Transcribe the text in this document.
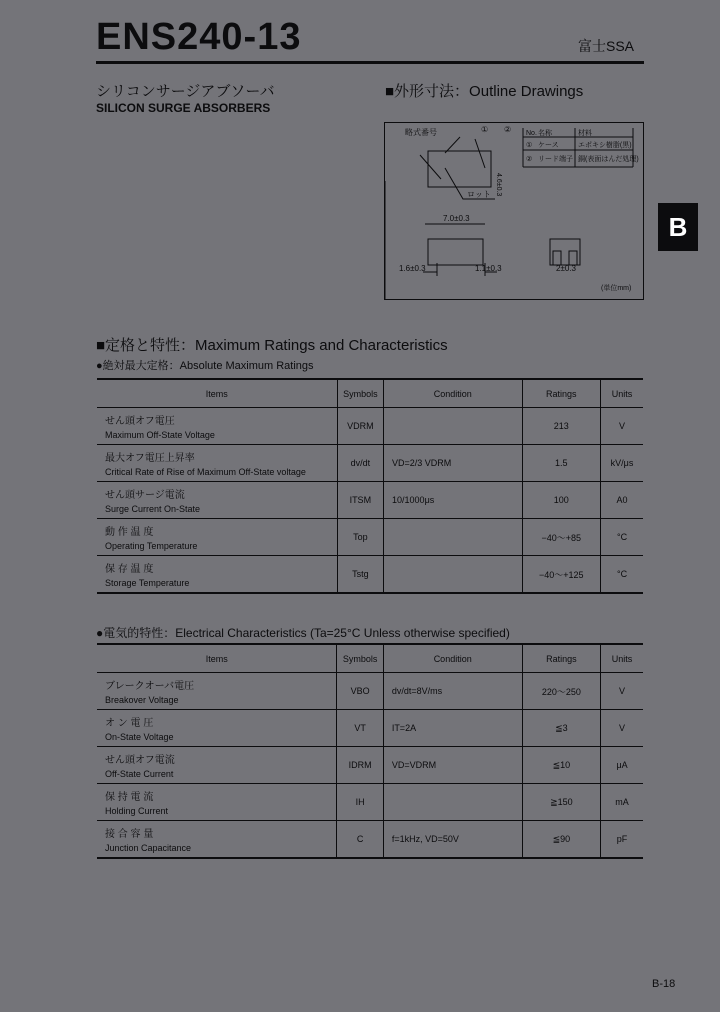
ENS240-13	富士SSA
シリコンサージアブソーバ
SILICON SURGE ABSORBERS
■外形寸法：Outline Drawings
B
略式番号	① ②
ロット 4.6±0.3
No. 名称	材料
① ケース	エポキシ樹脂(黒)
② リード端子 銅(表面はんだ処理)
7.0±0.3
1.6±0.3	1.1±0.3	2±0.3
(単位mm)
■定格と特性：Maximum Ratings and Characteristics
●絶対最大定格：Absolute Maximum Ratings
Items	Symbols	Condition	Ratings	Units

せん頭オフ電圧
Maximum Off-State Voltage	VDRM		213	V

最大オフ電圧上昇率
Critical Rate of Rise of Maximum Off-State voltage	dv/dt	VD=2/3 VDRM	1.5	kV/μs

せん頭サージ電流
Surge Current On-State	ITSM	10/1000μs	100	A0

動 作 温 度
Operating Temperature	Top		−40〜+85	°C

保 存 温 度
Storage Temperature	Tstg		−40〜+125	°C
●電気的特性：Electrical Characteristics (Ta=25°C Unless otherwise specified)
Items	Symbols	Condition	Ratings	Units

ブレークオーバ電圧
Breakover Voltage	VBO	dv/dt=8V/ms	220〜250	V

オ ン 電 圧
On-State Voltage	VT	IT=2A	≦3	V

せん頭オフ電流
Off-State Current	IDRM	VD=VDRM	≦10	μA

保 持 電 流
Holding Current	IH		≧150	mA

接 合 容 量
Junction Capacitance	C	f=1kHz, VD=50V	≦90	pF
B-18
